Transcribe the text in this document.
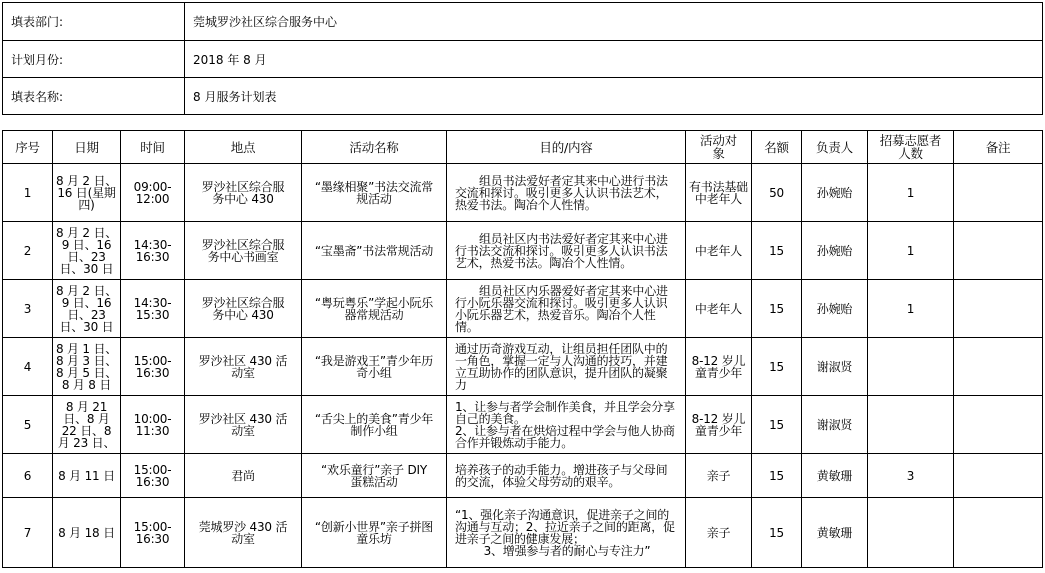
填表部门:	莞城罗沙社区综合服务中心
计划月份:	2018 年 8 月
填表名称:	8 月服务计划表
序号	日期	时间	地点	活动名称	目的/内容	活动对象	名额	负责人	招募志愿者人数	备注
1	8 月 2 日、16 日(星期四)	09:00-12:00	罗沙社区综合服务中心 430	“墨缘相聚”书法交流常规活动	组员书法爱好者定其来中心进行书法交流和探讨。吸引更多人认识书法艺术，热爱书法。陶冶个人性情。	有书法基础中老年人	50	孙婉贻	1	
2	8 月 2 日、9 日、16 日、23 日、30 日	14:30-16:30	罗沙社区综合服务中心书画室	“宝墨斋”书法常规活动	组员社区内书法爱好者定其来中心进行书法交流和探讨。吸引更多人认识书法艺术，热爱书法。陶冶个人性情。	中老年人	15	孙婉贻	1	
3	8 月 2 日、9 日、16 日、23 日、30 日	14:30-15:30	罗沙社区综合服务中心 430	“粤玩粤乐”学起小阮乐器常规活动	组员社区内乐器爱好者定其来中心进行小阮乐器交流和探讨。吸引更多人认识小阮乐器艺术，热爱音乐。陶冶个人性情。	中老年人	15	孙婉贻	1	
4	8 月 1 日、8 月 3 日、8 月 5 日、8 月 8 日	15:00-16:30	罗沙社区 430 活动室	“我是游戏王”青少年历奇小组	通过历奇游戏互动，让组员担任团队中的一角色，掌握一定与人沟通的技巧，并建立互助协作的团队意识，提升团队的凝聚力	8-12 岁儿童青少年	15	谢淑贤		
5	8 月 21 日、8 月 22 日、8 月 23 日、	10:00-11:30	罗沙社区 430 活动室	“舌尖上的美食”青少年制作小组	1、让参与者学会制作美食，并且学会分享自己的美食。
2、让参与者在烘焙过程中学会与他人协商合作并锻炼动手能力。	8-12 岁儿童青少年	15	谢淑贤		
6	8 月 11 日	15:00-16:30	君尚	“欢乐童行”亲子 DIY 蛋糕活动	培养孩子的动手能力。增进孩子与父母间的交流，体验父母劳动的艰辛。	亲子	15	黄敏珊	3	
7	8 月 18 日	15:00-16:30	莞城罗沙 430 活动室	“创新小世界”亲子拼图童乐坊	“1、强化亲子沟通意识，促进亲子之间的沟通与互动；2、拉近亲子之间的距离，促进亲子之间的健康发展；
3、增强参与者的耐心与专注力”	亲子	15	黄敏珊		
